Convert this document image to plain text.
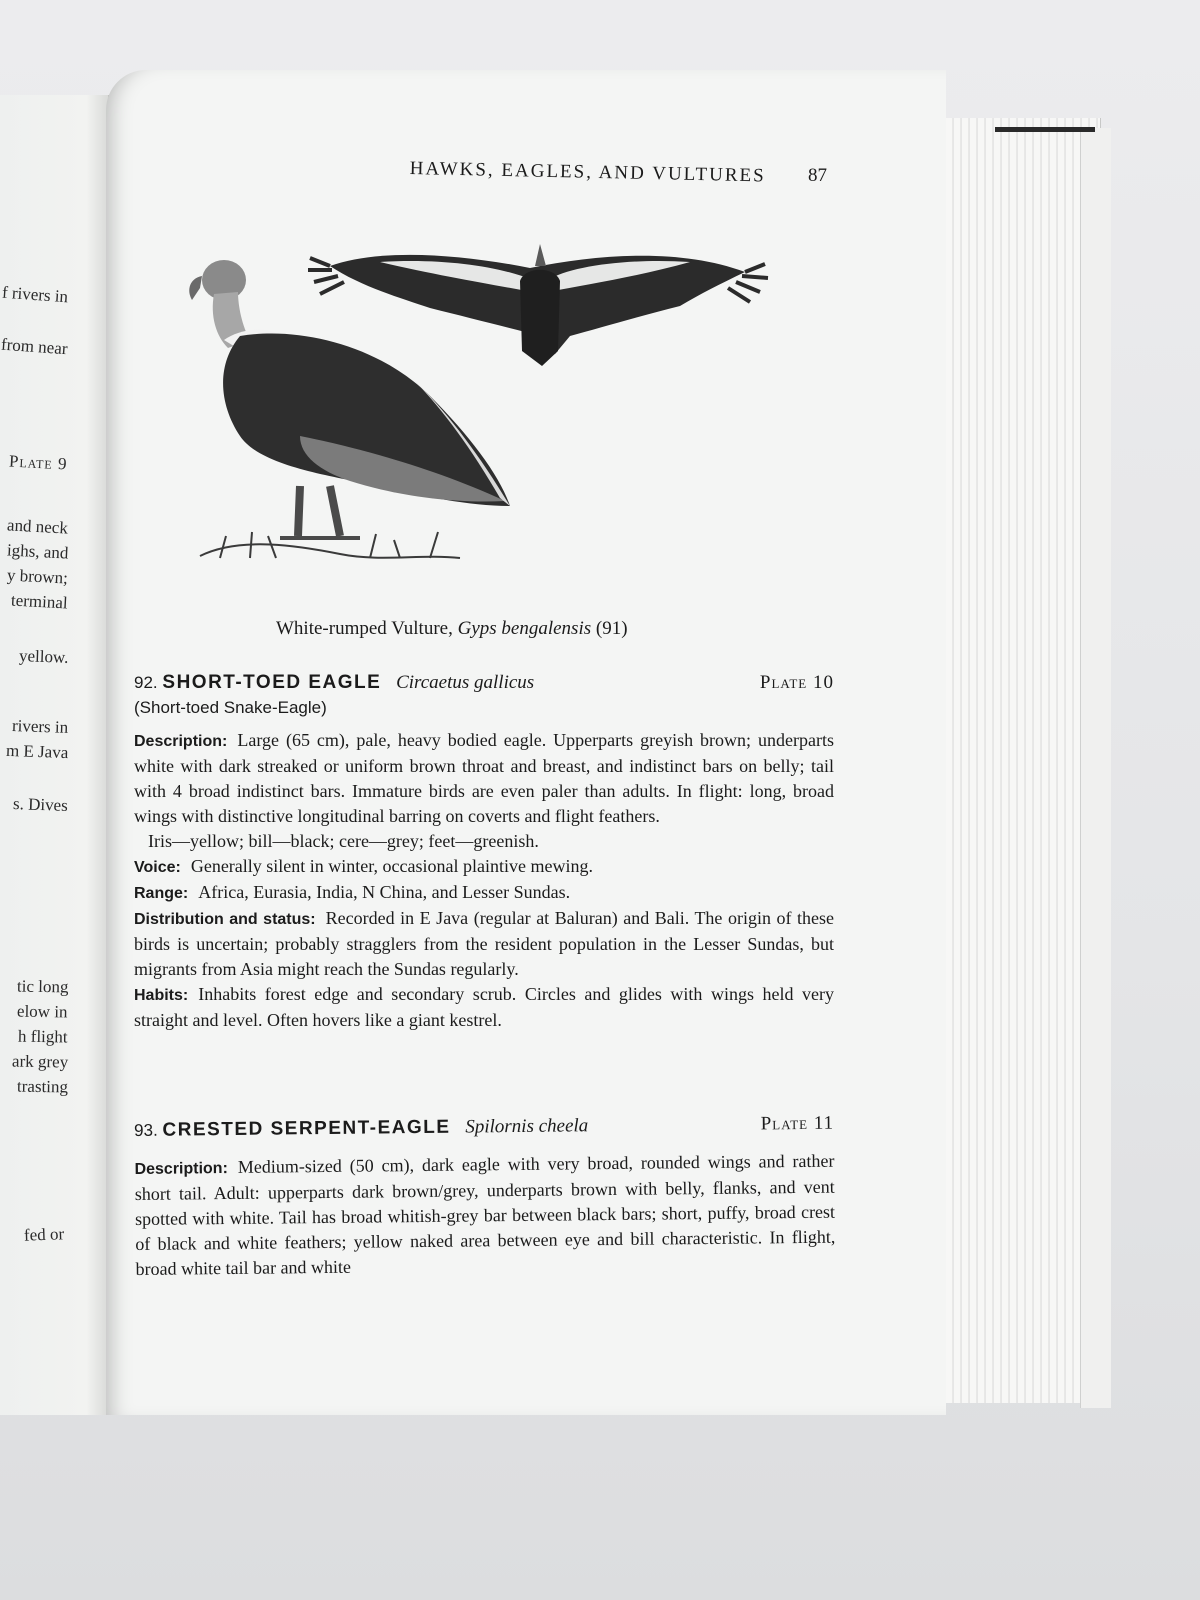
f rivers in
from near
Plate 9
and neck
ighs, and
y brown;
terminal
yellow.
rivers in
m E Java
s. Dives
tic long
elow in
h flight
ark grey
trasting
fed or
HAWKS, EAGLES, AND VULTURES 87
White-rumped Vulture, Gyps bengalensis (91)
92. SHORT-TOED EAGLE Circaetus gallicus	Plate 10
(Short-toed Snake-Eagle)
Description: Large (65 cm), pale, heavy bodied eagle. Upperparts greyish brown; underparts white with dark streaked or uniform brown throat and breast, and indistinct bars on belly; tail with 4 broad indistinct bars. Immature birds are even paler than adults. In flight: long, broad wings with distinctive longitudinal barring on coverts and flight feathers.
Iris—yellow; bill—black; cere—grey; feet—greenish.
Voice: Generally silent in winter, occasional plaintive mewing.
Range: Africa, Eurasia, India, N China, and Lesser Sundas.
Distribution and status: Recorded in E Java (regular at Baluran) and Bali. The origin of these birds is uncertain; probably stragglers from the resident population in the Lesser Sundas, but migrants from Asia might reach the Sundas regularly.
Habits: Inhabits forest edge and secondary scrub. Circles and glides with wings held very straight and level. Often hovers like a giant kestrel.
93. CRESTED SERPENT-EAGLE Spilornis cheela	Plate 11
Description: Medium-sized (50 cm), dark eagle with very broad, rounded wings and rather short tail. Adult: upperparts dark brown/grey, underparts brown with belly, flanks, and vent spotted with white. Tail has broad whitish-grey bar between black bars; short, puffy, broad crest of black and white feathers; yellow naked area between eye and bill characteristic. In flight, broad white tail bar and white
